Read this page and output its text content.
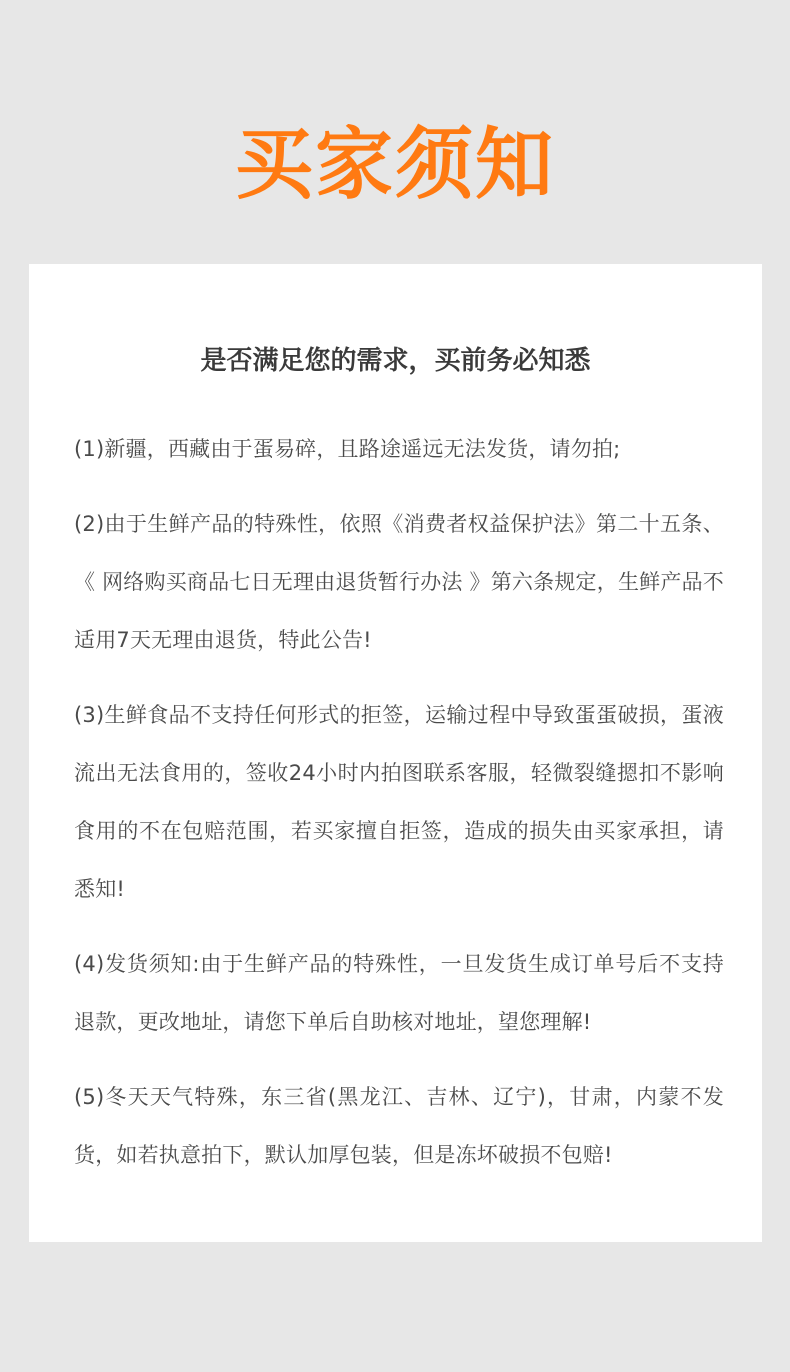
买家须知
是否满足您的需求，买前务必知悉

(1)新疆，西藏由于蛋易碎，且路途遥远无法发货，请勿拍;

(2)由于生鲜产品的特殊性，依照《消费者权益保护法》第二十五条、《 网络购买商品七日无理由退货暂行办法 》第六条规定，生鲜产品不适用7天无理由退货，特此公告!

(3)生鲜食品不支持任何形式的拒签，运输过程中导致蛋蛋破损，蛋液流出无法食用的，签收24小时内拍图联系客服，轻微裂缝摁扣不影响食用的不在包赔范围，若买家擅自拒签，造成的损失由买家承担，请悉知!

(4)发货须知:由于生鲜产品的特殊性，一旦发货生成订单号后不支持退款，更改地址，请您下单后自助核对地址，望您理解!

(5)冬天天气特殊，东三省(黑龙江、吉林、辽宁)，甘肃，内蒙不发货，如若执意拍下，默认加厚包装，但是冻坏破损不包赔!
